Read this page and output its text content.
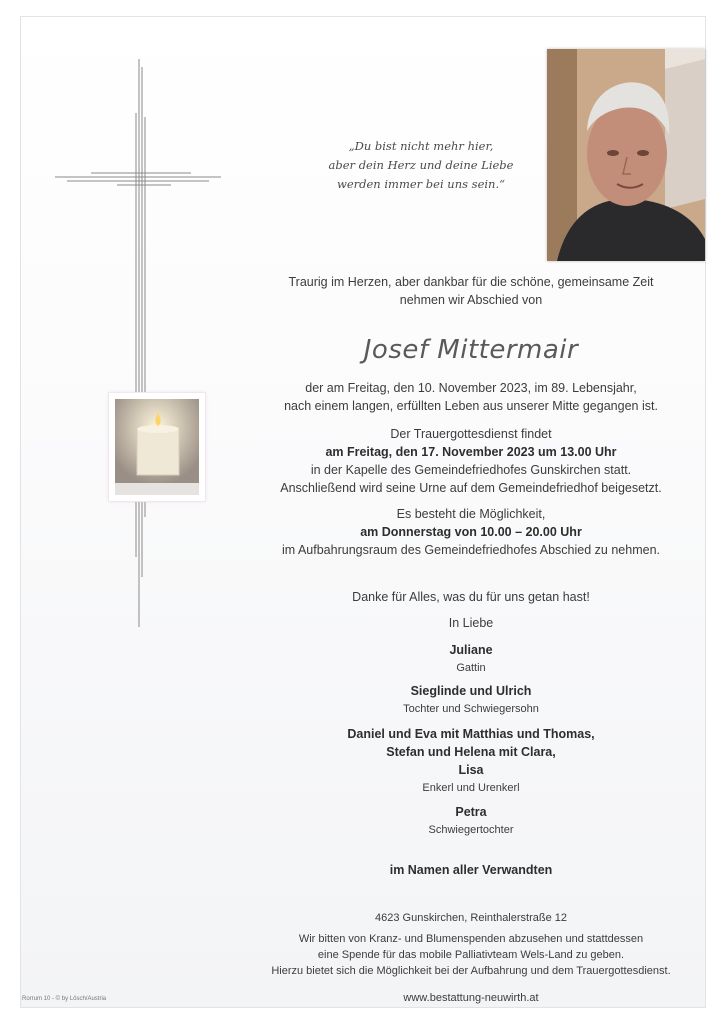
„Du bist nicht mehr hier,
aber dein Herz und deine Liebe
werden immer bei uns sein.“
Traurig im Herzen, aber dankbar für die schöne, gemeinsame Zeit
nehmen wir Abschied von
Josef Mittermair
der am Freitag, den 10. November 2023, im 89. Lebensjahr,
nach einem langen, erfüllten Leben aus unserer Mitte gegangen ist.
Der Trauergottesdienst findet
am Freitag, den 17. November 2023 um 13.00 Uhr
in der Kapelle des Gemeindefriedhofes Gunskirchen statt.
Anschließend wird seine Urne auf dem Gemeindefriedhof beigesetzt.
Es besteht die Möglichkeit,
am Donnerstag von 10.00 – 20.00 Uhr
im Aufbahrungsraum des Gemeindefriedhofes Abschied zu nehmen.
Danke für Alles, was du für uns getan hast!
In Liebe
Juliane
Gattin
Sieglinde und Ulrich
Tochter und Schwiegersohn
Daniel und Eva mit Matthias und Thomas,
Stefan und Helena mit Clara,
Lisa
Enkerl und Urenkerl
Petra
Schwiegertochter
im Namen aller Verwandten
4623 Gunskirchen, Reinthalerstraße 12
Wir bitten von Kranz- und Blumenspenden abzusehen und stattdessen
eine Spende für das mobile Palliativteam Wels-Land zu geben.
Hierzu bietet sich die Möglichkeit bei der Aufbahrung und dem Trauergottesdienst.
www.bestattung-neuwirth.at
Rorrum 10 - © by Lösch/Austria
